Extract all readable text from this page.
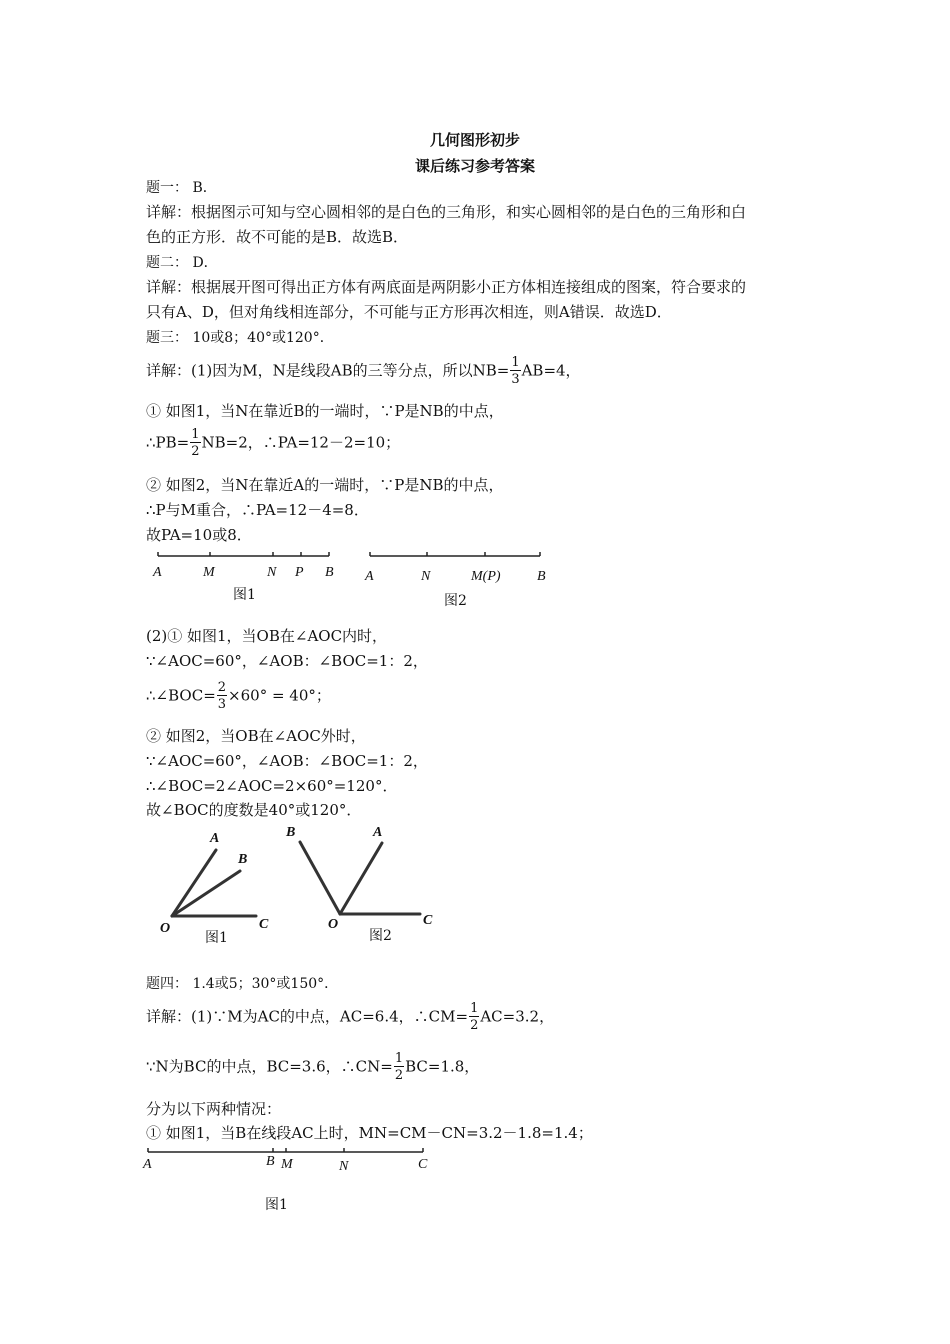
几何图形初步
课后练习参考答案
题一： B．
详解：根据图示可知与空心圆相邻的是白色的三角形，和实心圆相邻的是白色的三角形和白
色的正方形．故不可能的是B．故选B．
题二： D．
详解：根据展开图可得出正方体有两底面是两阴影小正方体相连接组成的图案，符合要求的
只有A、D，但对角线相连部分，不可能与正方形再次相连，则A错误．故选D．
题三： 10或8；40°或120°．
详解：(1)因为M，N是线段AB的三等分点，所以$NB= \frac{1}{3} AB=4$，
① 如图1，当N在靠近B的一端时，∵P是NB的中点，
∴PB= $\frac{1}{2} NB=2$，∴PA=12－2=10；
② 如图2，当N在靠近A的一端时，∵P是NB的中点，
∴P与M重合，∴PA=12－4=8．
故PA=10或8．
A	M	N P B
图1
A	N	M(P)	B
图2
(2)① 如图1，当OB在∠AOC内时，
∵∠AOC=60°，∠AOB：∠BOC=1：2，
∴∠BOC= $\frac{2}{3} \times 60^\circ = 40^\circ$；
② 如图2，当OB在∠AOC外时，
∵∠AOC=60°，∠AOB：∠BOC=1：2，
∴∠BOC=2∠AOC=2×60°=120°．
故∠BOC的度数是40°或120°．
A
B
O	C
图1
B	A
O	C
图2
题四： 1.4或5；30°或150°．
详解：(1)∵M为AC的中点，AC=6.4，∴CM= $\frac{1}{2} AC=3.2$，
∵N为BC的中点，BC=3.6，∴CN= $\frac{1}{2} BC=1.8$，
分为以下两种情况：
① 如图1，当B在线段AC上时，MN=CM－CN=3.2－1.8=1.4；
A	B M	N	C
图1
